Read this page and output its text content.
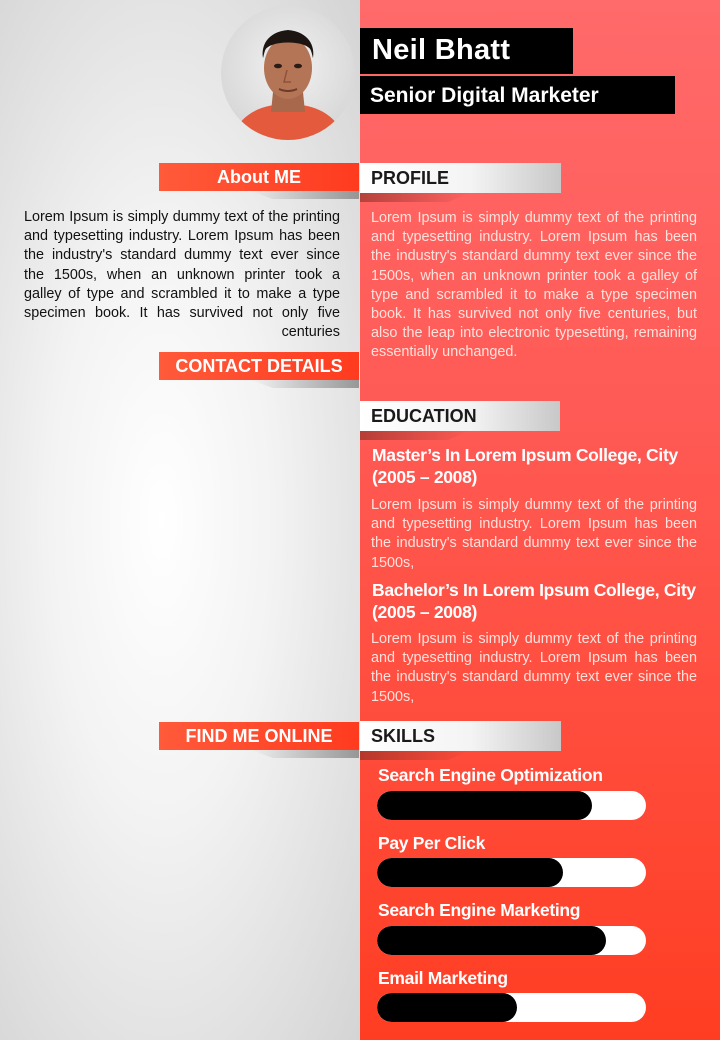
Neil Bhatt
Senior Digital Marketer
About ME
Lorem Ipsum is simply dummy text of the printing and typesetting industry. Lorem Ipsum has been the industry's standard dummy text ever since the 1500s, when an unknown printer took a galley of type and scrambled it to make a type specimen book. It has survived not only five centuries
CONTACT DETAILS
FIND ME ONLINE
PROFILE
Lorem Ipsum is simply dummy text of the printing and typesetting industry. Lorem Ipsum has been the industry's standard dummy text ever since the 1500s, when an unknown printer took a galley of type and scrambled it to make a type specimen book. It has survived not only five centuries, but also the leap into electronic typesetting, remaining essentially unchanged.
EDUCATION
Master’s In Lorem Ipsum College, City (2005 – 2008)
Lorem Ipsum is simply dummy text of the printing and typesetting industry. Lorem Ipsum has been the industry's standard dummy text ever since the 1500s,
Bachelor’s In Lorem Ipsum College, City (2005 – 2008)
Lorem Ipsum is simply dummy text of the printing and typesetting industry. Lorem Ipsum has been the industry's standard dummy text ever since the 1500s,
SKILLS
Search Engine Optimization
Pay Per Click
Search Engine Marketing
Email Marketing
